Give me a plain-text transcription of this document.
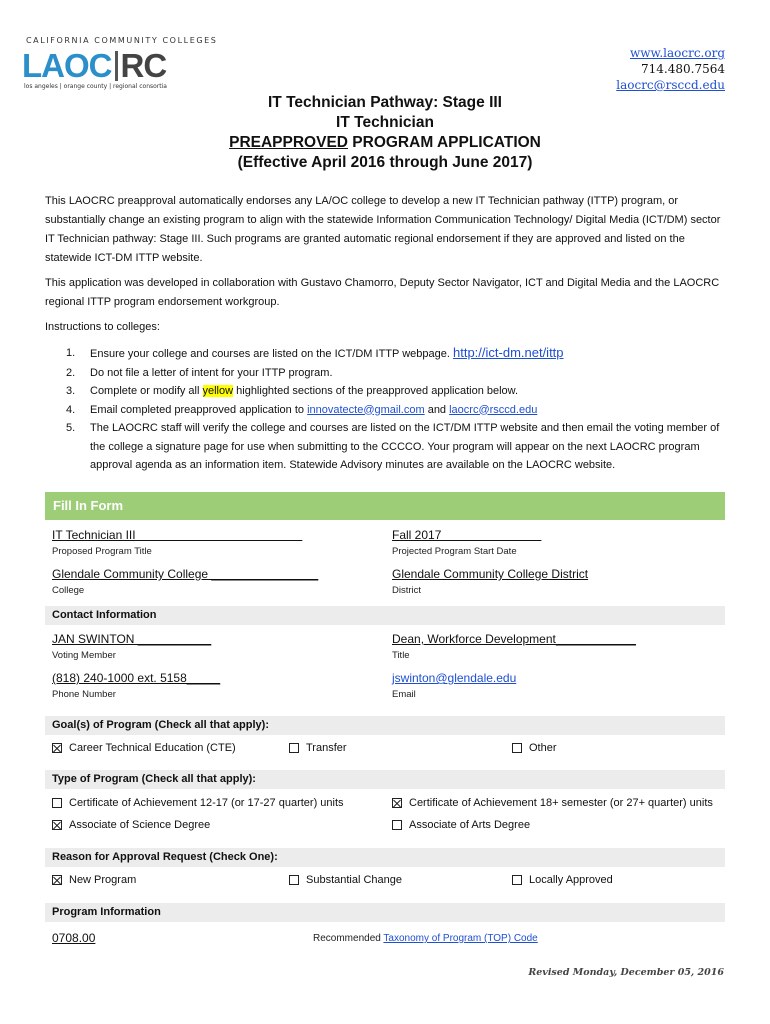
CALIFORNIA COMMUNITY COLLEGES
LAOC RC
los angeles | orange county | regional consortia
www.laocrc.org
714.480.7564
laocrc@rsccd.edu
IT Technician Pathway: Stage III
IT Technician
PREAPPROVED PROGRAM APPLICATION
(Effective April 2016 through June 2017)
This LAOCRC preapproval automatically endorses any LA/OC college to develop a new IT Technician pathway (ITTP) program, or substantially change an existing program to align with the statewide Information Communication Technology/ Digital Media (ICT/DM) sector IT Technician pathway: Stage III. Such programs are granted automatic regional endorsement if they are approved and listed on the statewide ICT-DM ITTP website.
This application was developed in collaboration with Gustavo Chamorro, Deputy Sector Navigator, ICT and Digital Media and the LAOCRC regional ITTP program endorsement workgroup.
Instructions to colleges:
1.	Ensure your college and courses are listed on the ICT/DM ITTP webpage. http://ict-dm.net/ittp
2.	Do not file a letter of intent for your ITTP program.
3.	Complete or modify all yellow highlighted sections of the preapproved application below.
4.	Email completed preapproved application to innovatecte@gmail.com and laocrc@rsccd.edu
5.	The LAOCRC staff will verify the college and courses are listed on the ICT/DM ITTP website and then email the voting member of the college a signature page for use when submitting to the CCCCO. Your program will appear on the next LAOCRC program approval agenda as an information item. Statewide Advisory minutes are available on the LAOCRC website.
Fill In Form
IT Technician III
Proposed Program Title
Fall 2017
Projected Program Start Date
Glendale Community College ________________
College
Glendale Community College District
District
Contact Information
JAN SWINTON ___________
Voting Member
Dean, Workforce Development____________
Title
(818) 240-1000 ext. 5158_____
Phone Number
jswinton@glendale.edu
Email
Goal(s) of Program (Check all that apply):
Career Technical Education (CTE)	Transfer	Other
Type of Program (Check all that apply):
Certificate of Achievement 12-17 (or 17-27 quarter) units	Certificate of Achievement 18+ semester (or 27+ quarter) units
Associate of Science Degree	Associate of Arts Degree
Reason for Approval Request (Check One):
New Program	Substantial Change	Locally Approved
Program Information
0708.00	Recommended Taxonomy of Program (TOP) Code
Revised Monday, December 05, 2016
